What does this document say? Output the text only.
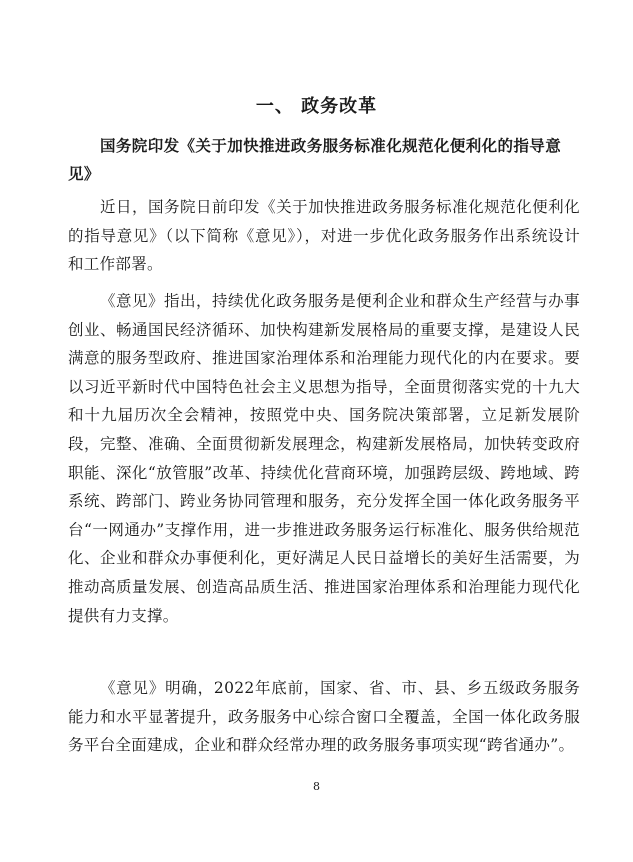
一、 政务改革
国务院印发《关于加快推进政务服务标准化规范化便利化的指导意见》

近日，国务院日前印发《关于加快推进政务服务标准化规范化便利化的指导意见》（以下简称《意见》），对进一步优化政务服务作出系统设计和工作部署。

《意见》指出，持续优化政务服务是便利企业和群众生产经营与办事创业、畅通国民经济循环、加快构建新发展格局的重要支撑，是建设人民满意的服务型政府、推进国家治理体系和治理能力现代化的内在要求。要以习近平新时代中国特色社会主义思想为指导，全面贯彻落实党的十九大和十九届历次全会精神，按照党中央、国务院决策部署，立足新发展阶段，完整、准确、全面贯彻新发展理念，构建新发展格局，加快转变政府职能、深化“放管服”改革、持续优化营商环境，加强跨层级、跨地域、跨系统、跨部门、跨业务协同管理和服务，充分发挥全国一体化政务服务平台“一网通办”支撑作用，进一步推进政务服务运行标准化、服务供给规范化、企业和群众办事便利化，更好满足人民日益增长的美好生活需要，为推动高质量发展、创造高品质生活、推进国家治理体系和治理能力现代化提供有力支撑。

《意见》明确，2022年底前，国家、省、市、县、乡五级政务服务能力和水平显著提升，政务服务中心综合窗口全覆盖，全国一体化政务服务平台全面建成，企业和群众经常办理的政务服务事项实现“跨省通办”。

8
